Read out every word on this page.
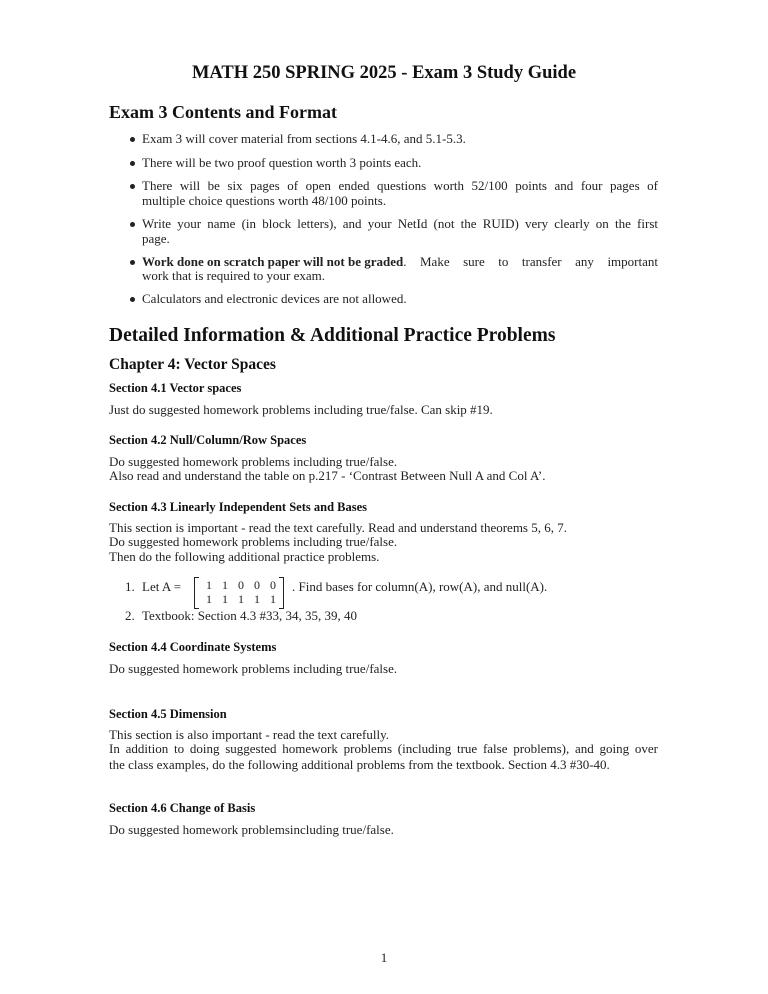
MATH 250 SPRING 2025 - Exam 3 Study Guide
Exam 3 Contents and Format
Exam 3 will cover material from sections 4.1-4.6, and 5.1-5.3.
There will be two proof question worth 3 points each.
There will be six pages of open ended questions worth 52/100 points and four pages of
multiple choice questions worth 48/100 points.
Write your name (in block letters), and your NetId (not the RUID) very clearly on the first
page.
Work done on scratch paper will not be graded . Make sure to transfer any important
work that is required to your exam.
Calculators and electronic devices are not allowed.
Detailed Information & Additional Practice Problems
Chapter 4: Vector Spaces
Section 4.1 Vector spaces
Just do suggested homework problems including true/false. Can skip #19.
Section 4.2 Null/Column/Row Spaces
Do suggested homework problems including true/false.
Also read and understand the table on p.217 - ‘Contrast Between Null A and Col A’.
Section 4.3 Linearly Independent Sets and Bases
This section is important - read the text carefully. Read and understand theorems 5, 6, 7.
Do suggested homework problems including true/false.
Then do the following additional practice problems.
1. Let A =	1 1 0 0 0
1 1 1 1 1
. Find bases for column(A), row(A), and null(A).
2. Textbook: Section 4.3 #33, 34, 35, 39, 40
Section 4.4 Coordinate Systems
Do suggested homework problems including true/false.
Section 4.5 Dimension
This section is also important - read the text carefully.
In addition to doing suggested homework problems (including true false problems), and going over
the class examples, do the following additional problems from the textbook. Section 4.3 #30-40.
Section 4.6 Change of Basis
Do suggested homework problemsincluding true/false.
1
